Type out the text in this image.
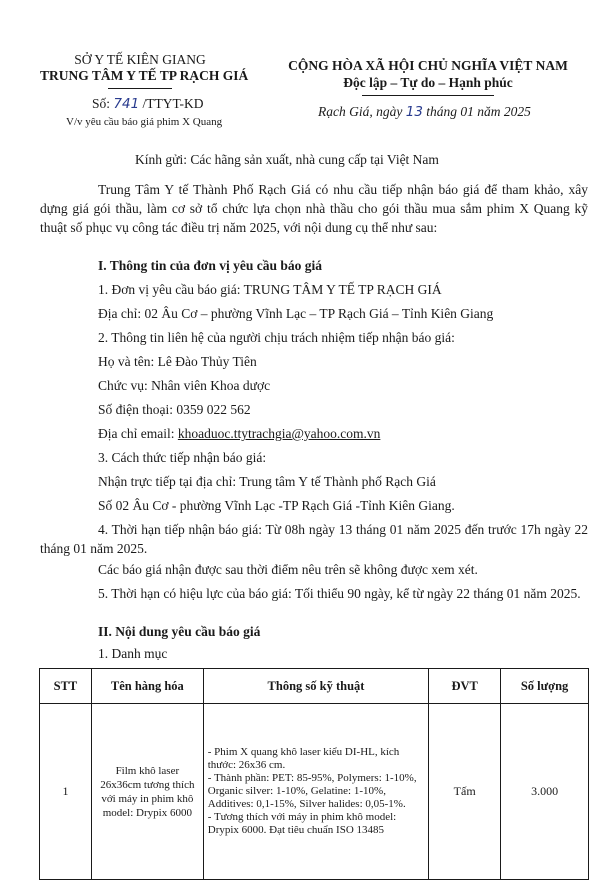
SỞ Y TẾ KIÊN GIANG
TRUNG TÂM Y TẾ TP RẠCH GIÁ
Số: 741 /TTYT-KD
V/v yêu cầu báo giá phim X Quang
CỘNG HÒA XÃ HỘI CHỦ NGHĨA VIỆT NAM
Độc lập – Tự do – Hạnh phúc
Rạch Giá, ngày 13 tháng 01 năm 2025
Kính gửi: Các hãng sản xuất, nhà cung cấp tại Việt Nam
Trung Tâm Y tế Thành Phố Rạch Giá có nhu cầu tiếp nhận báo giá để tham khảo, xây dựng giá gói thầu, làm cơ sở tổ chức lựa chọn nhà thầu cho gói thầu mua sắm phim X Quang kỹ thuật số phục vụ công tác điều trị năm 2025, với nội dung cụ thể như sau:
I. Thông tin của đơn vị yêu cầu báo giá
1. Đơn vị yêu cầu báo giá: TRUNG TÂM Y TẾ TP RẠCH GIÁ
Địa chỉ: 02 Âu Cơ – phường Vĩnh Lạc – TP Rạch Giá – Tỉnh Kiên Giang
2. Thông tin liên hệ của người chịu trách nhiệm tiếp nhận báo giá:
Họ và tên: Lê Đào Thủy Tiên
Chức vụ: Nhân viên Khoa dược
Số điện thoại: 0359 022 562
Địa chỉ email: khoaduoc.ttytrachgia@yahoo.com.vn
3. Cách thức tiếp nhận báo giá:
Nhận trực tiếp tại địa chỉ: Trung tâm Y tế Thành phố Rạch Giá
Số 02 Âu Cơ - phường Vĩnh Lạc -TP Rạch Giá -Tỉnh Kiên Giang.
4. Thời hạn tiếp nhận báo giá: Từ 08h ngày 13 tháng 01 năm 2025 đến trước 17h ngày 22 tháng 01 năm 2025.
Các báo giá nhận được sau thời điểm nêu trên sẽ không được xem xét.
5. Thời hạn có hiệu lực của báo giá: Tối thiểu 90 ngày, kể từ ngày 22 tháng 01 năm 2025.
II. Nội dung yêu cầu báo giá
1. Danh mục
STT	Tên hàng hóa	Thông số kỹ thuật	ĐVT	Số lượng
1	Film khô laser 26x36cm tương thích với máy in phim khô model: Drypix 6000	- Phim X quang khô laser kiểu DI-HL, kích thước: 26x36 cm.
- Thành phần: PET: 85-95%, Polymers: 1-10%, Organic silver: 1-10%, Gelatine: 1-10%, Additives: 0,1-15%, Silver halides: 0,05-1%.
- Tương thích với máy in phim khô model: Drypix 6000. Đạt tiêu chuẩn ISO 13485	Tấm	3.000
